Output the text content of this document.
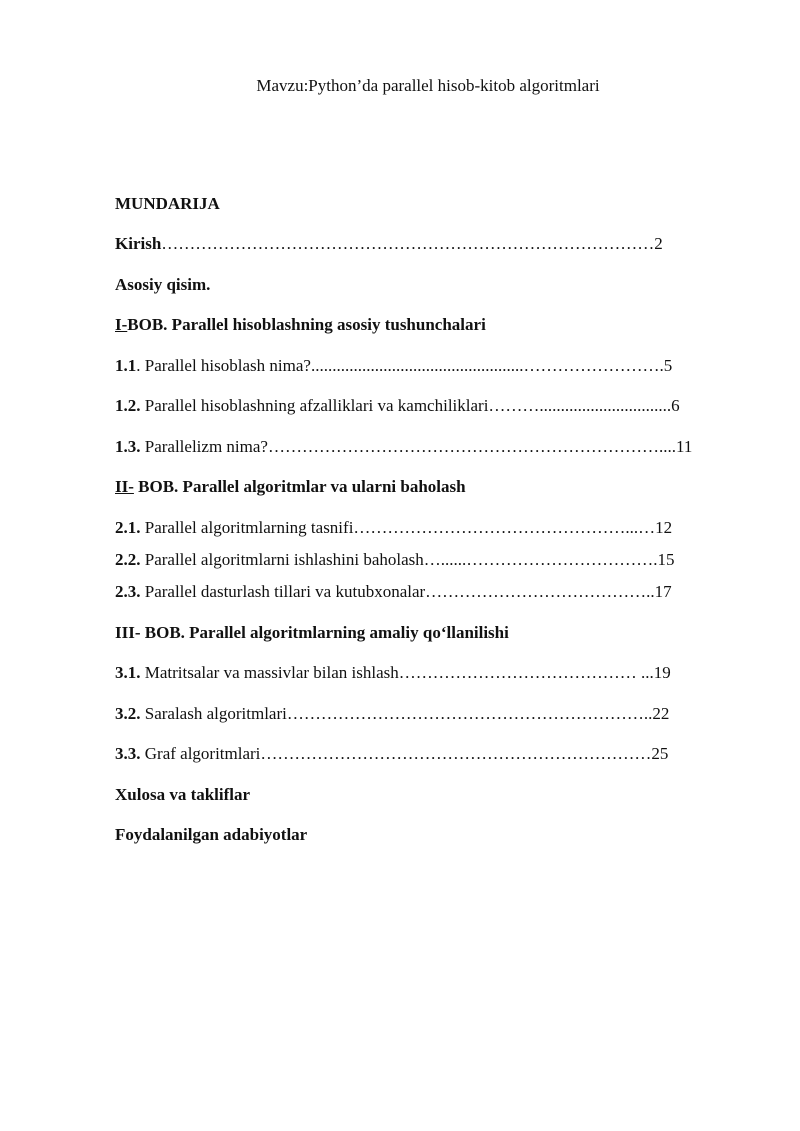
Mavzu:Python’da parallel hisob-kitob algoritmlari
MUNDARIJA
Kirish……………………………………………………………………………2
Asosiy qisim.
I-BOB. Parallel hisoblashning asosiy tushunchalari
1.1. Parallel hisoblash nima?..................................................…………………….5
1.2. Parallel hisoblashning afzalliklari va kamchiliklari………...............................6
1.3. Parallelizm nima?……………………………………………………………....11
II- BOB. Parallel algoritmlar va ularni baholash
2.1. Parallel algoritmlarning tasnifi…………………………………………...…12
2.2. Parallel algoritmlarni ishlashini baholash…......…………………………….15
2.3. Parallel dasturlash tillari va kutubxonalar…………………………………..17
III- BOB. Parallel algoritmlarning amaliy qo‘llanilishi
3.1. Matritsalar va massivlar bilan ishlash…………………………………… ...19
3.2. Saralash algoritmlari………………………………………………………..22
3.3. Graf algoritmlari……………………………………………………………25
Xulosa va takliflar
Foydalanilgan adabiyotlar
